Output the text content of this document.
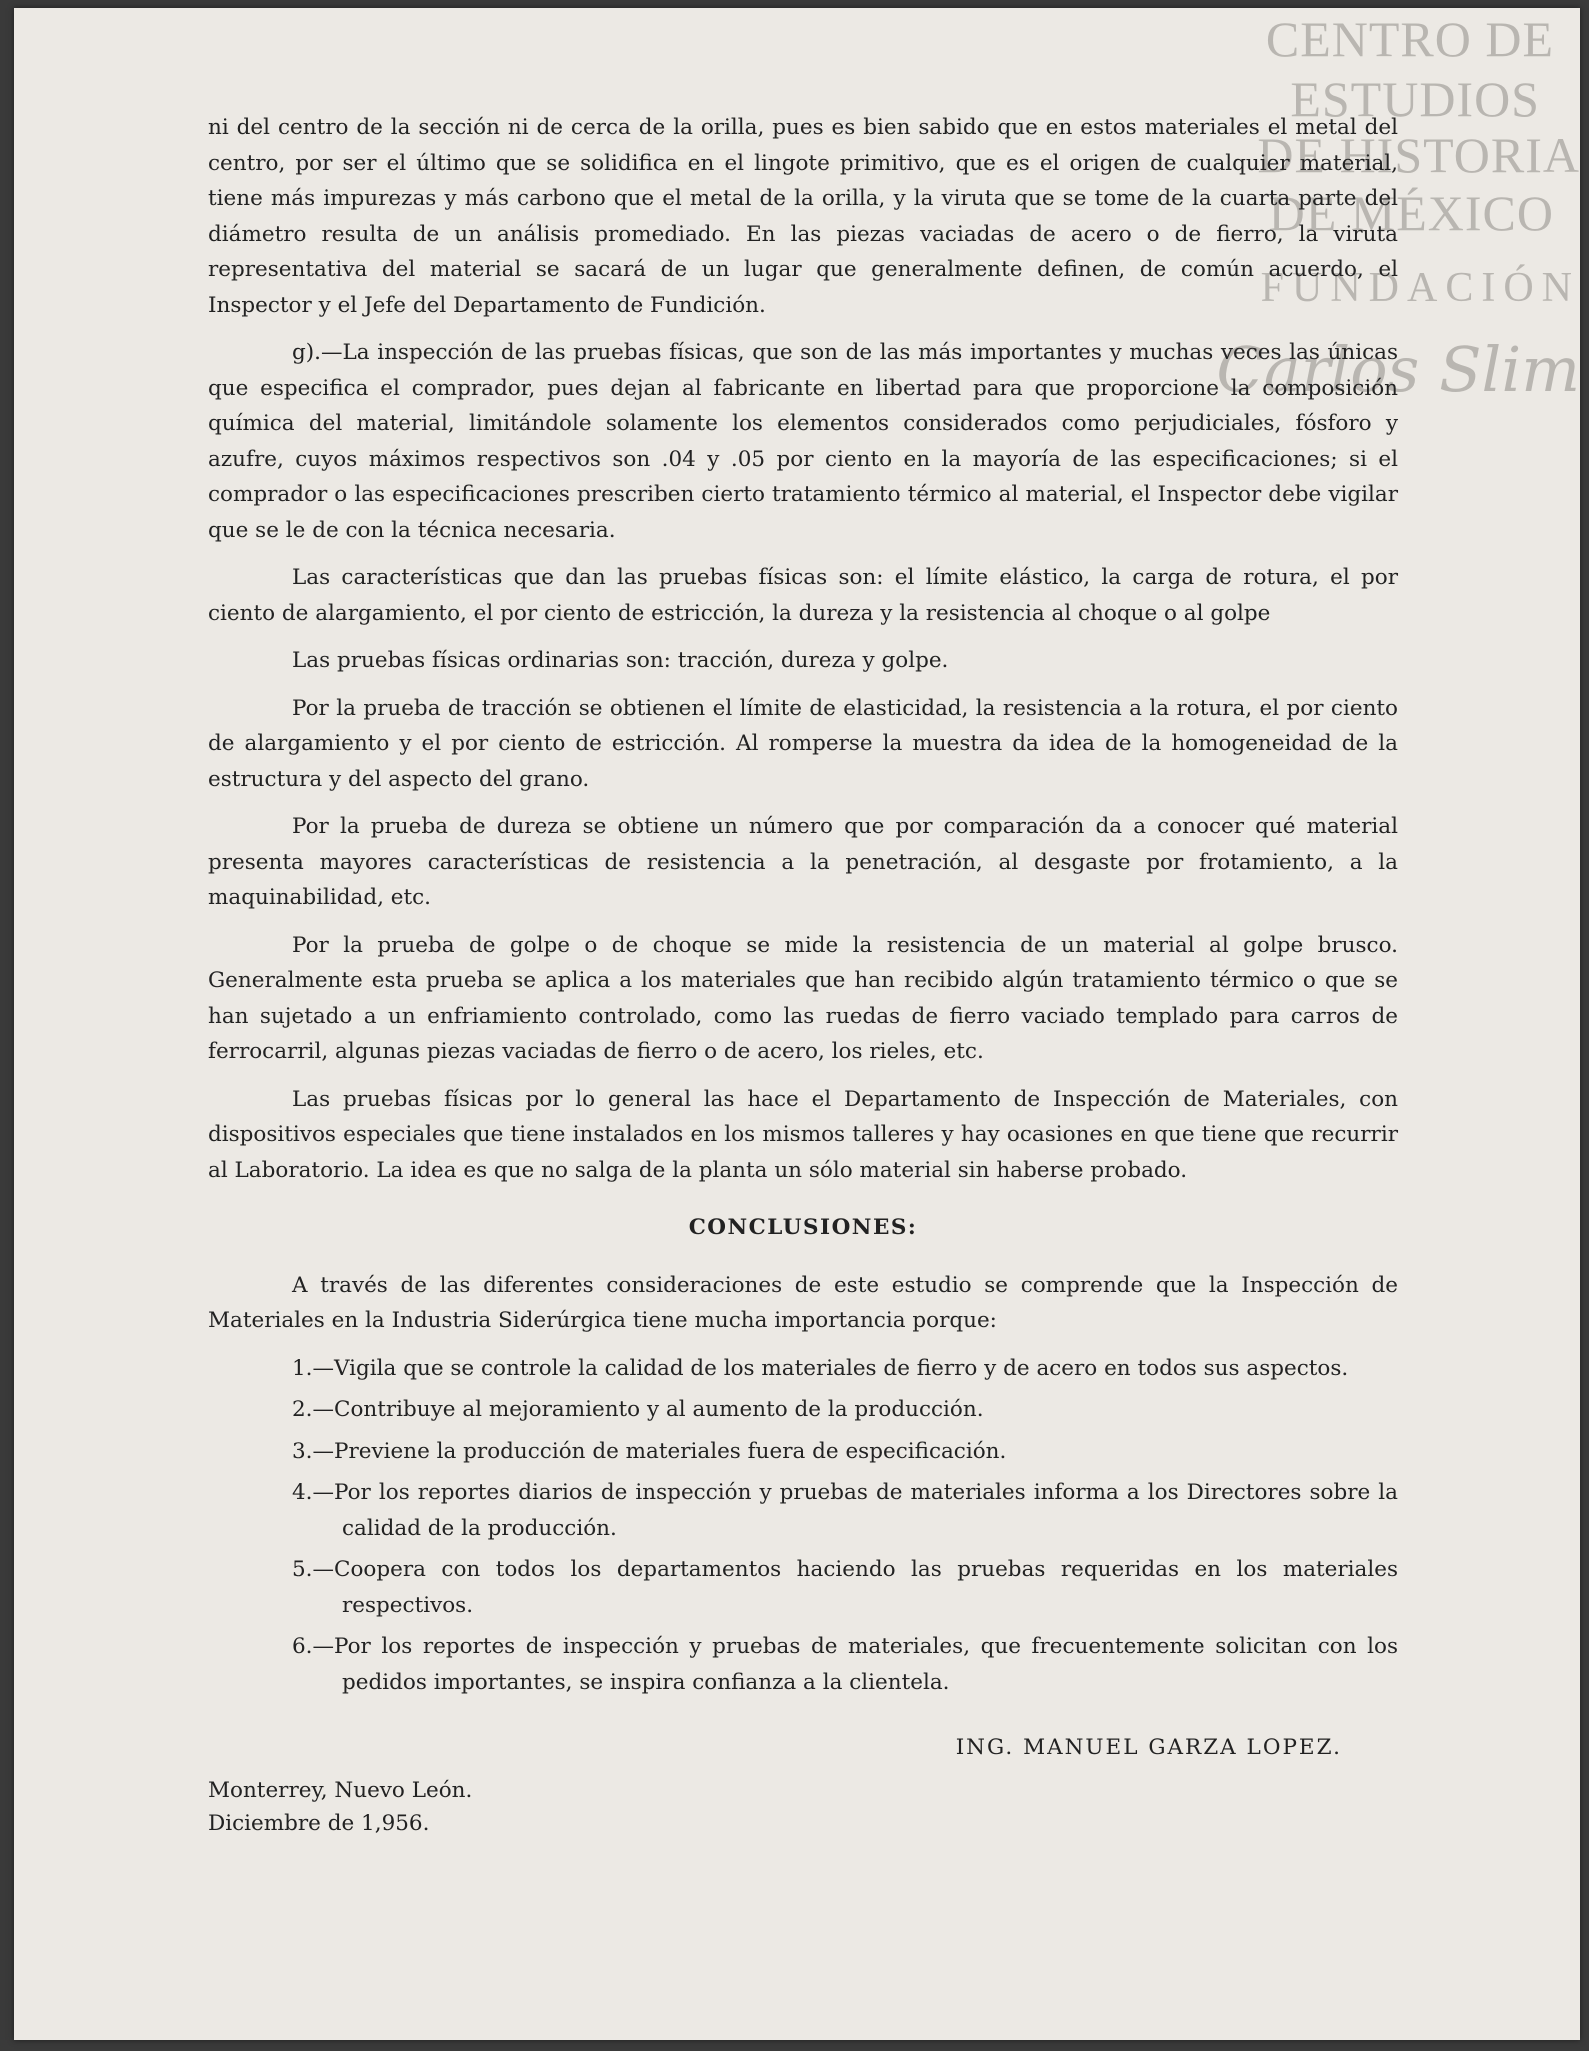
CENTRO DE
ESTUDIOS
DE HISTORIA
DE MÉXICO
FUNDACIÓN
Carlos Slim

ni del centro de la sección ni de cerca de la orilla, pues es bien sabido que en estos materiales el metal del centro, por ser el último que se solidifica en el lingote primitivo, que es el origen de cualquier material, tiene más impurezas y más carbono que el metal de la orilla, y la viruta que se tome de la cuarta parte del diámetro resulta de un análisis promediado. En las piezas vaciadas de acero o de fierro, la viruta representativa del material se sacará de un lugar que generalmente definen, de común acuerdo, el Inspector y el Jefe del Departamento de Fundición.

g).—La inspección de las pruebas físicas, que son de las más importantes y muchas veces las únicas que especifica el comprador, pues dejan al fabricante en libertad para que proporcione la composición química del material, limitándole solamente los elementos considerados como perjudiciales, fósforo y azufre, cuyos máximos respectivos son .04 y .05 por ciento en la mayoría de las especificaciones; si el comprador o las especificaciones prescriben cierto tratamiento térmico al material, el Inspector debe vigilar que se le de con la técnica necesaria.

Las características que dan las pruebas físicas son: el límite elástico, la carga de rotura, el por ciento de alargamiento, el por ciento de estricción, la dureza y la resistencia al choque o al golpe

Las pruebas físicas ordinarias son: tracción, dureza y golpe.

Por la prueba de tracción se obtienen el límite de elasticidad, la resistencia a la rotura, el por ciento de alargamiento y el por ciento de estricción. Al romperse la muestra da idea de la homogeneidad de la estructura y del aspecto del grano.

Por la prueba de dureza se obtiene un número que por comparación da a conocer qué material presenta mayores características de resistencia a la penetración, al desgaste por frotamiento, a la maquinabilidad, etc.

Por la prueba de golpe o de choque se mide la resistencia de un material al golpe brusco. Generalmente esta prueba se aplica a los materiales que han recibido algún tratamiento térmico o que se han sujetado a un enfriamiento controlado, como las ruedas de fierro vaciado templado para carros de ferrocarril, algunas piezas vaciadas de fierro o de acero, los rieles, etc.

Las pruebas físicas por lo general las hace el Departamento de Inspección de Materiales, con dispositivos especiales que tiene instalados en los mismos talleres y hay ocasiones en que tiene que recurrir al Laboratorio. La idea es que no salga de la planta un sólo material sin haberse probado.

CONCLUSIONES:

A través de las diferentes consideraciones de este estudio se comprende que la Inspección de Materiales en la Industria Siderúrgica tiene mucha importancia porque:

1.—Vigila que se controle la calidad de los materiales de fierro y de acero en todos sus aspectos.
2.—Contribuye al mejoramiento y al aumento de la producción.
3.—Previene la producción de materiales fuera de especificación.
4.—Por los reportes diarios de inspección y pruebas de materiales informa a los Directores sobre la calidad de la producción.
5.—Coopera con todos los departamentos haciendo las pruebas requeridas en los materiales respectivos.
6.—Por los reportes de inspección y pruebas de materiales, que frecuentemente solicitan con los pedidos importantes, se inspira confianza a la clientela.
ING. MANUEL GARZA LOPEZ.
Monterrey, Nuevo León.
Diciembre de 1,956.
